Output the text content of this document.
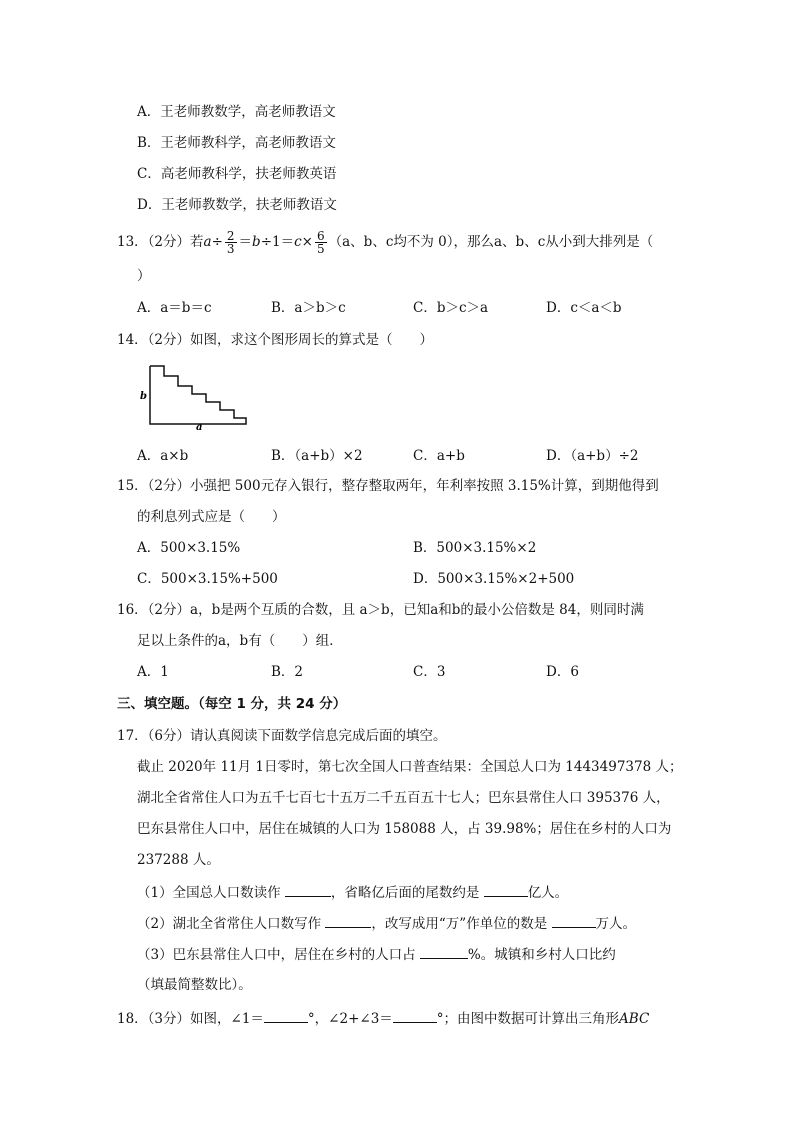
A．王老师教数学，高老师教语文
B．王老师教科学，高老师教语文
C．高老师教科学，扶老师教英语
D．王老师教数学，扶老师教语文
13．（2分）若$a\div \frac{2}{3} =b\div 1=c\times \frac{6}{5} (a$、b、c均不为 0），那么a、b、c从小到大排列是（
）
A．a＝b＝c	B．a＞b＞c	C．b＞c＞a	D．c＜a＜b
14．（2分）如图，求这个图形周长的算式是（　　）
b
a
A．a×b	B．（a+b）×2	C．a+b	D．（a+b）÷2
15．（2分）小强把 500元存入银行，整存整取两年，年利率按照 3.15%计算，到期他得到
的利息列式应是（　　）
A．500×3.15%	B．500×3.15%×2
C．500×3.15%+500	D．500×3.15%×2+500
16．（2分）a，b是两个互质的合数，且 a＞b，已知a和b的最小公倍数是 84，则同时满
足以上条件的a，b有（　　）组．
A．1	B．2	C．3	D．6
三、填空题。（每空 1 分，共 24 分）
17．（6分）请认真阅读下面数学信息完成后面的填空。
截止 2020年 11月 1日零时，第七次全国人口普查结果：全国总人口为 1443497378 人；
湖北全省常住人口为五千七百七十五万二千五百五十七人；巴东县常住人口 395376 人，
巴东县常住人口中，居住在城镇的人口为 158088 人，占 39.98%；居住在乡村的人口为
237288 人。
（1）全国总人口数读作	，省略亿后面的尾数约是	亿人。
（2）湖北全省常住人口数写作	，改写成用“万”作单位的数是	万人。
（3）巴东县常住人口中，居住在乡村的人口占	%。城镇和乡村人口比约
（填最简整数比）。
18．（3分）如图，∠1＝	°，∠2+∠3＝	°；由图中数据可计算出三角形ABC
